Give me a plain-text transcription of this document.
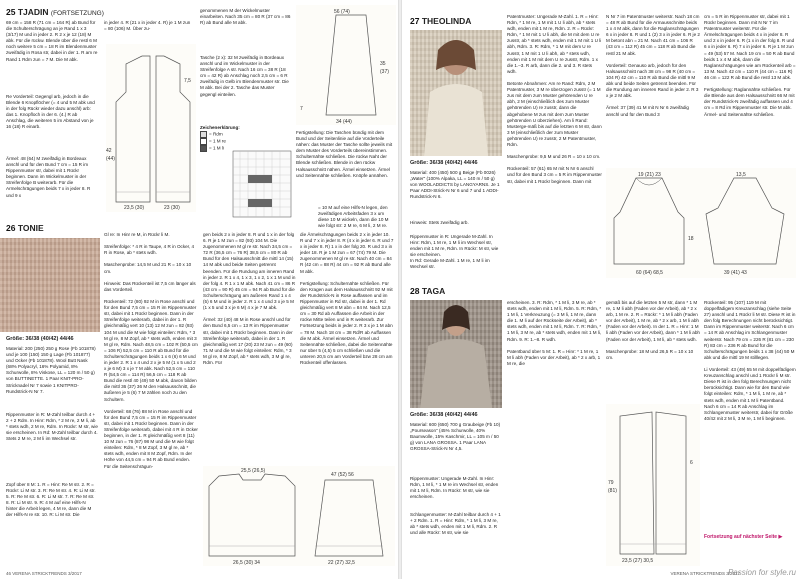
25 TJADIN (FORTSETZUNG)
69 cm = 158 R (71 cm = 164 R) ab Bund für die Schulterschrägung an je Rand 1 x 3 (3/17) M und in jeder 2. R 2 x je 12 (18) M abk. Für die rückw. Blende über die restl 6 M noch weitere 5 cm = 18 R im Blendenmuster zweifädig in Rosa str, dabei in der 1. R am re Rand 1 Rdm zun = 7 M. Die M abk.
Re Vorderteil: Gegengl arb, jedoch in die Blende 6 Knopflöcher (= 4 und 5 M abk und in der folg Rückr wieder dazu anschl) arb: das 1. Knopfloch in der 6. (4.) R ab Anschlag, die weiteren 5 im Abstand von je 16 (18) R einarb.
Ärmel: 48 (64) M zweifädig in Bordeaux anschl und für den Bund 7 cm = 15 R im Rippenmuster str, dabei mit 1 Rückr beginnen. Dann im Wickelmuster in der Streifenfolge B weiterarb. Für die Armelschrägungen beids 7 x in jeder 8. R und 9 x
in jeder 4. R (21 x in jeder 4. R) je 1 M zun = 80 (106) M. Über zu-
23,5 (30)	23 (30)
42
(44)
7,5
genommenen M der Wickelmuster einarbeiten. Nach 35 cm = 80 R (37 cm = 86 R) ab Bund alle M abk.
Tasche (2 x): 32 M zweifädig in Bordeaux anschl und im Wickelmuster in der Streifenfolge A str. Nach 16 cm = 38 R (18 cm = 42 R) ab Anschlag noch 2,5 cm = 6 R zweifädig in Gelb im Blendenmuster str. Die M abk. Bei der 2. Tasche das Muster gegengl einteilen.
Zeichenerklärung:
= Rdm
= 1 M re
= 1 M li
56 (74)
34 (44)
35
(37)
7
Fertigstellung: Die Taschen bündig mit dem Bund und der Seitenlinie auf die Vorderteile nähen: das Muster der Tasche sollte jeweils mit dem Muster des Vorderteils übereinstimmen. Schulternähte schließen. Die rückw Naht der Blende schließen. Blende in den rückw Halsausschnitt nähen. Ärmel einsetzen. Ärmel und Seitennähte schließen. Knöpfe annähen.
= 10 M auf eine Hilfs-N legen, den zweifädigen Arbeitsfaden 3 x um diese 10 M wickeln, dann die 10 M wie folgt str: 2 M re, 6 M li, 2 M re.
26 TONIE
Größe: 36/38 (40/42) 44/46
Material: 200 (250) 250 g Rose (Fb 101878) und je 100 (150) 150 g Lage (Fb 101877) und Ocker (Fb 101878). Wool Butt Nask (68% Polyacryl, 16% Polyamid, 8% Schurwolle, 8% Viskose, LL = 120 m / 50 g) von BUTTINETTE. 1 Paar KNIT-PRO-Stricknadel Nr 7 sowie 1 KNITPRO-Rundstrick-N Nr 7.
Rippenmuster in R: M-Zahl teilbar durch 4 + 2 + 2 Rdm. In Hinr: Rdm, * 2 M re, 2 M li, ab * stets wdh, 2 M re, Rdm. In Rückr: M str, wie sie erscheinen. In Rd: M-Zahl teilbar durch 4. Stets 2 M re, 2 M li im Wechsel str.
Zopf über 8 M: 1. R = Hinr: Re M str. 2. R = Rückr: Li M str. 3. R: Re M str. 4. R: Li M str. 5. R: Re M str. 6. R: Li M str. 7. R: Re M str. 8. R: Li M str. 9. R: 4 M auf eine Hilfs-N hinter die Arbeit legen, 4 M re, dann die M der Hilfs-N re str. 10. R: Li M str. Die
Gl re: In Hinr re M, in Rückr li M.

Streifenfolge: * 4 R in Taupe, 4 R in Ocker, 4 R in Rose, ab * stets wdh.

Maschenprobe: 14,5 M und 21 R = 10 x 10 cm.

Hinweis: Das Rückenteil ist 7,5 cm länger als das Vorderteil.

Rückenteil: 72 (80) 92 M in Rose anschl und für den Bund 7,5 cm = 15 R im Rippenmuster str, dabei mit 1 Rückr beginnen. Dann in der Streifenfolge weiterarb, dabei in der 1. R gleichmäßig vert 10 (13) 12 M zun = 82 (93) 104 M und die M wie folgt einteilen: Rdm, * 3 M gl re, 8 M Zopf, ab * stets wdh, enden mit 3 M gl re, Rdm. Nach 48,5 cm = 102 R (50,5 cm = 106 R) 52,5 cm = 110 R ab Bund für die Schulterschrägungen beids 1 x 6 (6) 6 M und in jeder 2. R 1 x 4 und 2 x je 5 M (1 x 5 und 2 x je 6 M) 3 x je 7 M abk. Nach 52,5 cm = 110 R (54,5 cm = 114 R) 56,5 cm = 118 R ab Bund die restl 40 (49) 50 M abk, davon bilden die mittl 36 (37) 36 M den Halsausschnitt, die äußeren je 5 (6) 7 M zählen noch zu den Schultern.

Vorderteil: 68 (76) 88 M in Rose anschl und für den Bund 7,5 cm = 15 R im Rippenmuster str, dabei mit 1 Rückr beginnen. Dann in der Streifenfolge weiterarb, dabei mit 4 R in Ocker beginnen, in der 1. R gleichmäßig vert 8 (11) 10 M zun = 76 (87) 98 M und die M wie folgt einteilen: Rdm, * 8 M Zopf, 3 M gl re, ab * stets wdh, enden mit 8 M Zopf, Rdm. In der Höhe von 44,5 cm = 94 R ab Bund enden. Für die Seitenschrägun-
gen beids 2 x in jeder 8. R und 1 x in der folg 6. R je 1 M zun = 82 (93) 104 M. Die zugenommenen M gl re str. Nach 34,5 cm = 72 R (36,5 cm = 76 R) 38,5 cm = 80 R ab Bund für den Halsausschnitt die mittl 14 (15) 14 M abk und beide Seiten getrennt beenden. Für die Rundung am inneren Rand in jeder 2. R 1 x 4, 1 x 3, 1 x 2, 1 x 1 M und in der folg 4. R 1 x 1 M abk. Nach 41 cm = 86 R (43 cm = 90 R) 45 cm = 94 R ab Bund für die Schulterschrägung am äußeren Rand 1 x 4 (5) 6 M und in jeder 2. R 1 x 4 und 3 x je 5 M (1 x 5 und 3 x je 6 M) 4 x je 7 M abk.

Ärmel: 32 (40) 48 M in Rose anschl und für den Bund 6,5 cm = 13 R im Rippenmuster str, dabei mit 1 Rückr beginnen. Dann in der Streifenfolge weiterarb, dabei in der 1. R gleichmäßig vert 17 (20) 23 M zun = 49 (60) 71 M und die M wie folgt einteilen: Rdm, * 3 M gl re, 8 M Zopf, ab * stets wdh, 3 M gl re, Rdm. Für
die Ärmelschrägungen beids 2 x in jeder 10. R und 7 x in jeder 8. R (4 x in jeder 6. R und 7 x in jeder 8. R) 1 x in der folg 20. R und 3 x in jeder 18. R je 1 M zun = 67 (74) 79 M. Die zugenommenen M gl re str. Nach 40 cm = 84 R (42 cm = 88 R) 44 cm = 92 R ab Bund alle M abk.

Fertigstellung: Schulternähte schließen. Für den Kragen aus dem Halsausschnitt 92 M mit der Rundstrick-N in Rose auffassen und im Rippenmuster in Rd str, dabei in der 1. Rd gleichmäßig vert 8 M abn = 84 M. Nach 12,5 cm = 30 Rd ab Auffassen die Arbeit in der rückw Mitte teilen und in R weiterarb. Zur Fortsetzung beids in jeder 2. R 3 x je 1 M abn = 78 M. Nach 18 cm = 38 Rd/R ab Auffassen die M abk. Ärmel einsetzen. Ärmel und Seitennähte schließen, dabei die Seitennähte nur über 5 (4,5) 5 cm schließen und die unteren 20,5 cm am Vorderteil bzw 28 cm am Rückenteil offenlassen.
26,5 (30) 34	22 (27) 32,5
25,5 (26,5)
47 (52) 56
46 VERENA STRICKTRENDS 3/2017
27 THEOLINDA
Größe: 36/38 (40/42) 44/46
Material: 400 (450) 500 g Beige (Fb 0026) „Water" (100% Alpaka, LL = 140 m / 50 g) von WOOLADDICTS by LANGYARNS. Je 1 Paar ADDI-Strick-N Nr 6 und 7 und 1 ADDI-Rundstrick-N 6.
Hinweis: Stets zweifädig arb.
Rippenmuster in R: Ungerade M-Zahl. In Hinr: Rdm, 1 M re, 1 M li im Wechsel str, enden mit 1 M re, Rdm. In Rückr: M str, wie sie erscheinen.
In Rd: Gerade M-Zahl. 1 M re, 1 M li im Wechsel str.
Patentmuster: Ungerade M-Zahl. 1. R = Hinr: Rdm, * 1 M re, 1 M mit 1 U li abh, ab * stets wdh, enden mit 1 M re, Rdm. 2. R = Rückr: Rdm, * 1 M mit 1 U li abh, die M mit dem U re zusstr, ab * stets wdh, enden mit 1 M mit 1 U li abh, Rdm. 3. R: Rdm, * 1 M mit dem U re zusstr, 1 M mit 1 U li abh, ab * stets wdh, enden mit 1 M mit dem U re zusstr, Rdm. 1 x die 1.–3. R arb, dann die 2. und 3. R stets wdh.

Betonte Abnahmen: Am re Rand: Rdm, 2 M Patentmuster, 3 M re überzogen zusstr (= 1 M zus mit dem zum Muster gehörenden U re abh, 2 M (einschließlich des zum Muster gehörenden U) re zusstr, dann die abgehobene M zus mit dem zum Muster gehörenden U überziehen). Am li Rand: Musterge-mäß bis auf die letzten 6 M str, dann 3 M (einschließlich der zum Muster gehörenden U) re zusstr, 2 M Patentmuster, Rdm.

Maschenprobe: 9,5 M und 26 R = 10 x 10 cm.

Rückenteil: 57 (61) 65 M mit N Nr 6 anschl und für den Bund 3 cm = 5 R im Rippenmuster str, dabei mit 1 Rückr beginnen. Dann mit
N Nr 7 im Patentmuster weiterstr. Nach 18 cm = 48 R ab Bund für die Armausschnitte beids 1 x 4 M abk, dann für die Raglanschrägungen 6 x in jeder 8. R und 1 (2) 3 x in jeder 6. R je 2 M betont abn = 21 M. Nach 41 cm = 106 R (43 cm = 112 R) 45 cm = 118 R ab Bund die restl 21 M abk.

Vorderteil: Genauso arb, jedoch für den Halsausschnitt nach 38 cm = 98 R (40 cm = 104 R) 42 cm = 110 R ab Bund die mittl 9 M abk und beide Seiten getrennt beenden. Für die Rundung am inneren Rand in jeder 2. R 3 x je 2 M abk.

Ärmel: 37 (39) 41 M mit N Nr 6 zweifädig anschl und für den Bund 3
cm = 5 R im Rippenmuster str, dabei mit 1 Rückr beginnen. Dann mit N Nr 7 im Patentmuster weiterstr. Für die Ärmelschrägungen beids 4 x in jeder 8. R und 2 x in jeder 6. R (1 x in der folg 8. R und 6 x in jeder 6. R) 7 x in jeder 6. R je 1 M zun = 49 (53) 57 M. Nach 19 cm = 50 R ab Bund beids 1 x 4 M abk, dann die Raglanschrägungen wie am Rückenteil arb = 13 M. Nach 42 cm = 110 R (44 cm = 116 R) 46 cm = 122 R ab Bund die restl 13 M abk.

Fertigstellung: Raglannähte schließen. Für die Blende aus dem Halsausschnitt 66 M mit der Rundstrick-N zweifädig auffassen und 4 cm = 8 Rd im Rippenmuster str. Die M abk. Ärmel- und Seitennähte schließen.
60 (64) 68,5	39 (41) 43
19 (21) 23	13,5
18
28 TAGA
Größe: 36/38 (40/42) 44/46
Material: 600 (650) 700 g Graubeige (Fb 10) „Pourseason" (45% Schurwolle, 40% Baumwolle, 15% Kaschmir, LL = 105 m / 50 g) von LANA GROSSA. 1 Paar LANA GROSSA-Strick-N Nr 4,5.
Rippenmuster: Ungerade M-Zahl. In Hinr: Rdm, 1 M li, * 1 M re im Wechsel str, enden mit 1 M li, Rdm. In Rückr: M str, wie sie erscheinen.
Schlangenmuster: M-Zahl teilbar durch 4 + 1 + 2 Rdm. 1. R = Hinr: Rdm, * 1 M li, 3 M re, ab * stets wdh, enden mit 1 M li, Rdm. 2. R und alle Rückr: M str, wie sie
erscheinen. 3. R: Rdm, * 1 M li, 3 M re, ab * stets wdh, enden mit 1 M li, Rdm. 5. R: Rdm, * 1 M li, 1 Verkreuzung (= 3 M li, 1 M re, dann die 1. M li auf der Rückseite der Arbeit), ab * stets wdh, enden mit 1 M li, Rdm. 7. R: Rdm, * 1 M li, 3 M re, ab * stets wdh, enden mit 1 M li, Rdm. 9. R: 1.–8. R wdh.

Patentband über 5 M: 1. R = Hinr: * 1 M re, 1 M li abh (Faden vor der Arbeit), ab * 2 x arb, 1 M re, die
gemäß bis auf die letzten 5 M str, dann * 1 M re, 1 M li abh (Faden vor der Arbeit), ab * 2 x arb, 1 M re. 2. R = Rückr: * 1 M li abh (Faden vor der Arbeit), 1 M re, ab * 2 x arb, 1 M li abh (Faden vor der Arbeit). In der 1. R = Hinr: 1 M li abh (Faden vor der Arbeit), dann * 1 M li abh (Faden vor der Arbeit), 1 M li, ab * stets wdh.

Maschenprobe: 18 M und 26,5 R = 10 x 10 cm.
23,5 (27) 30,5
79
(81)
6
Rückenteil: 95 (107) 119 M mit doppelfädigem Kreuzanschlag (siehe Seite 27) anschl und 1 Rückr li M str. Diese R ist in den folg Berechnungen nicht berücksichtigt. Dann im Rippenmuster weiterstr. Nach 6 cm = 14 R ab Anschlag im Schlangenmuster weiterstr. Nach 79 cm = 226 R (81 cm = 230 R) 83 cm = 236 R ab Bund für die Schulterschrägungen beids 1 x 38 (44) 50 M abk und die mittl 19 M stilllegen.

Li Vorderteil: 43 (49) 55 M mit doppelfädigem Kreuzanschlag anschl und 1 Rückr li M str. Diese R ist in den folg Berechnungen nicht berücksichtigt. Dann wie für den Bund wie folgt einteilen: Rdm, * 1 M li, 1 M re, ab * stets wdh, enden mit 1 M li Patentband. Nach 6 cm = 14 R ab Anschlag im Schlangenmuster weiterstr, dabei für Größe 40/42 mit 2 M li, 3 M re, 1 M li beginnen.
Fortsetzung auf nächster Seite ▶
VERENA STRICKTRENDS 3/2017
Passion for style.ru
